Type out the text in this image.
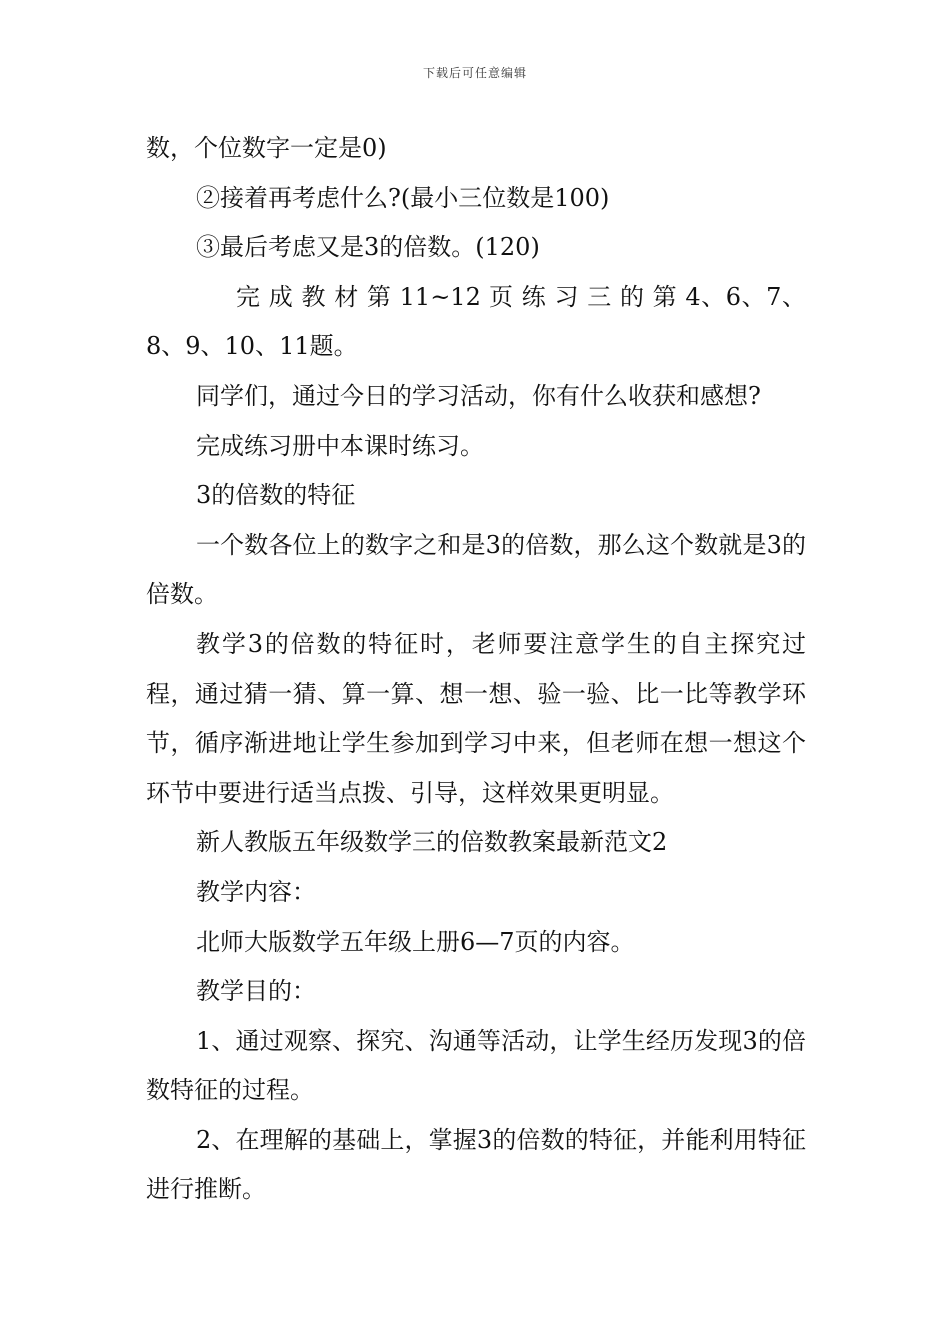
下载后可任意编辑

数，个位数字一定是0)

②接着再考虑什么?(最小三位数是100)

③最后考虑又是3的倍数。(120)

完 成 教 材 第 11~12 页 练 习 三 的 第 4、6、7、8、9、10、11题。

同学们，通过今日的学习活动，你有什么收获和感想?

完成练习册中本课时练习。

3的倍数的特征

一个数各位上的数字之和是3的倍数，那么这个数就是3的倍数。

教学3的倍数的特征时，老师要注意学生的自主探究过程，通过猜一猜、算一算、想一想、验一验、比一比等教学环节，循序渐进地让学生参加到学习中来，但老师在想一想这个环节中要进行适当点拨、引导，这样效果更明显。

新人教版五年级数学三的倍数教案最新范文2

教学内容：

北师大版数学五年级上册6—7页的内容。

教学目的：

1、通过观察、探究、沟通等活动，让学生经历发现3的倍数特征的过程。

2、在理解的基础上，掌握3的倍数的特征，并能利用特征进行推断。
